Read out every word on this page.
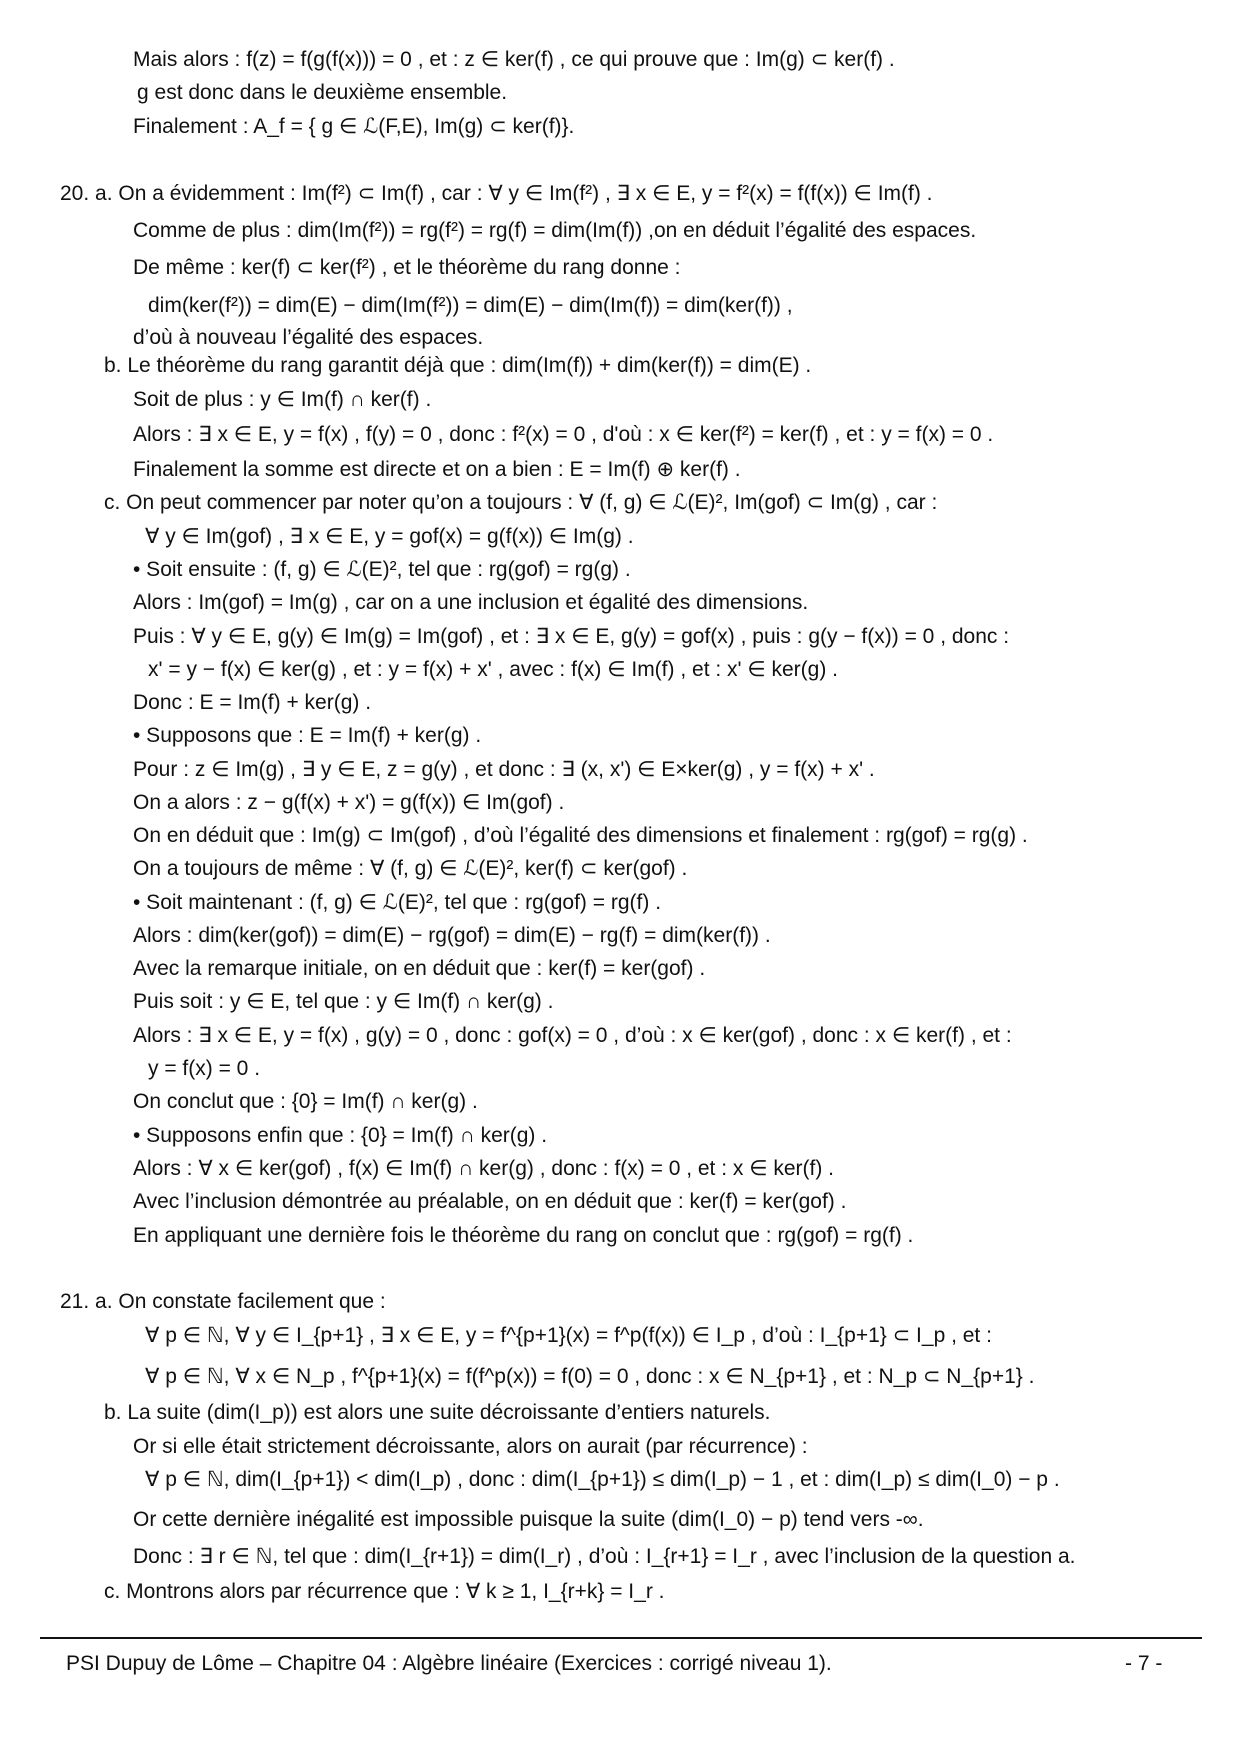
Mais alors : f(z) = f(g(f(x))) = 0 , et : z ∈ ker(f) , ce qui prouve que : Im(g) ⊂ ker(f) .
g est donc dans le deuxième ensemble.
Finalement : A_f = { g ∈ ℒ(F,E), Im(g) ⊂ ker(f)}.
20. a. On a évidemment : Im(f²) ⊂ Im(f) , car : ∀ y ∈ Im(f²) , ∃ x ∈ E, y = f²(x) = f(f(x)) ∈ Im(f) .
Comme de plus : dim(Im(f²)) = rg(f²) = rg(f) = dim(Im(f)) ,on en déduit l’égalité des espaces.
De même : ker(f) ⊂ ker(f²) , et le théorème du rang donne :
dim(ker(f²)) = dim(E) − dim(Im(f²)) = dim(E) − dim(Im(f)) = dim(ker(f)) ,
d’où à nouveau l’égalité des espaces.
b. Le théorème du rang garantit déjà que : dim(Im(f)) + dim(ker(f)) = dim(E) .
Soit de plus : y ∈ Im(f) ∩ ker(f) .
Alors : ∃ x ∈ E, y = f(x) , f(y) = 0 , donc : f²(x) = 0 , d'où : x ∈ ker(f²) = ker(f) , et : y = f(x) = 0 .
Finalement la somme est directe et on a bien : E = Im(f) ⊕ ker(f) .
c. On peut commencer par noter qu’on a toujours : ∀ (f, g) ∈ ℒ(E)², Im(gof) ⊂ Im(g) , car :
∀ y ∈ Im(gof) , ∃ x ∈ E, y = gof(x) = g(f(x)) ∈ Im(g) .
• Soit ensuite : (f, g) ∈ ℒ(E)², tel que : rg(gof) = rg(g) .
Alors : Im(gof) = Im(g) , car on a une inclusion et égalité des dimensions.
Puis : ∀ y ∈ E, g(y) ∈ Im(g) = Im(gof) , et : ∃ x ∈ E, g(y) = gof(x) , puis : g(y − f(x)) = 0 , donc :
x' = y − f(x) ∈ ker(g) , et : y = f(x) + x' , avec : f(x) ∈ Im(f) , et : x' ∈ ker(g) .
Donc : E = Im(f) + ker(g) .
• Supposons que : E = Im(f) + ker(g) .
Pour : z ∈ Im(g) , ∃ y ∈ E, z = g(y) , et donc : ∃ (x, x') ∈ E×ker(g) , y = f(x) + x' .
On a alors : z − g(f(x) + x') = g(f(x)) ∈ Im(gof) .
On en déduit que : Im(g) ⊂ Im(gof) , d’où l’égalité des dimensions et finalement : rg(gof) = rg(g) .
On a toujours de même : ∀ (f, g) ∈ ℒ(E)², ker(f) ⊂ ker(gof) .
• Soit maintenant : (f, g) ∈ ℒ(E)², tel que : rg(gof) = rg(f) .
Alors : dim(ker(gof)) = dim(E) − rg(gof) = dim(E) − rg(f) = dim(ker(f)) .
Avec la remarque initiale, on en déduit que : ker(f) = ker(gof) .
Puis soit : y ∈ E, tel que : y ∈ Im(f) ∩ ker(g) .
Alors : ∃ x ∈ E, y = f(x) , g(y) = 0 , donc : gof(x) = 0 , d’où : x ∈ ker(gof) , donc : x ∈ ker(f) , et :
y = f(x) = 0 .
On conclut que : {0} = Im(f) ∩ ker(g) .
• Supposons enfin que : {0} = Im(f) ∩ ker(g) .
Alors : ∀ x ∈ ker(gof) , f(x) ∈ Im(f) ∩ ker(g) , donc : f(x) = 0 , et : x ∈ ker(f) .
Avec l’inclusion démontrée au préalable, on en déduit que : ker(f) = ker(gof) .
En appliquant une dernière fois le théorème du rang on conclut que : rg(gof) = rg(f) .
21. a. On constate facilement que :
∀ p ∈ ℕ, ∀ y ∈ I_{p+1} , ∃ x ∈ E, y = f^{p+1}(x) = f^p(f(x)) ∈ I_p , d’où : I_{p+1} ⊂ I_p , et :
∀ p ∈ ℕ, ∀ x ∈ N_p , f^{p+1}(x) = f(f^p(x)) = f(0) = 0 , donc : x ∈ N_{p+1} , et : N_p ⊂ N_{p+1} .
b. La suite (dim(I_p)) est alors une suite décroissante d’entiers naturels.
Or si elle était strictement décroissante, alors on aurait (par récurrence) :
∀ p ∈ ℕ, dim(I_{p+1}) < dim(I_p) , donc : dim(I_{p+1}) ≤ dim(I_p) − 1 , et : dim(I_p) ≤ dim(I_0) − p .
Or cette dernière inégalité est impossible puisque la suite (dim(I_0) − p) tend vers -∞.
Donc : ∃ r ∈ ℕ, tel que : dim(I_{r+1}) = dim(I_r) , d’où : I_{r+1} = I_r , avec l’inclusion de la question a.
c. Montrons alors par récurrence que : ∀ k ≥ 1, I_{r+k} = I_r .
PSI Dupuy de Lôme – Chapitre 04 : Algèbre linéaire (Exercices : corrigé niveau 1).	- 7 -
